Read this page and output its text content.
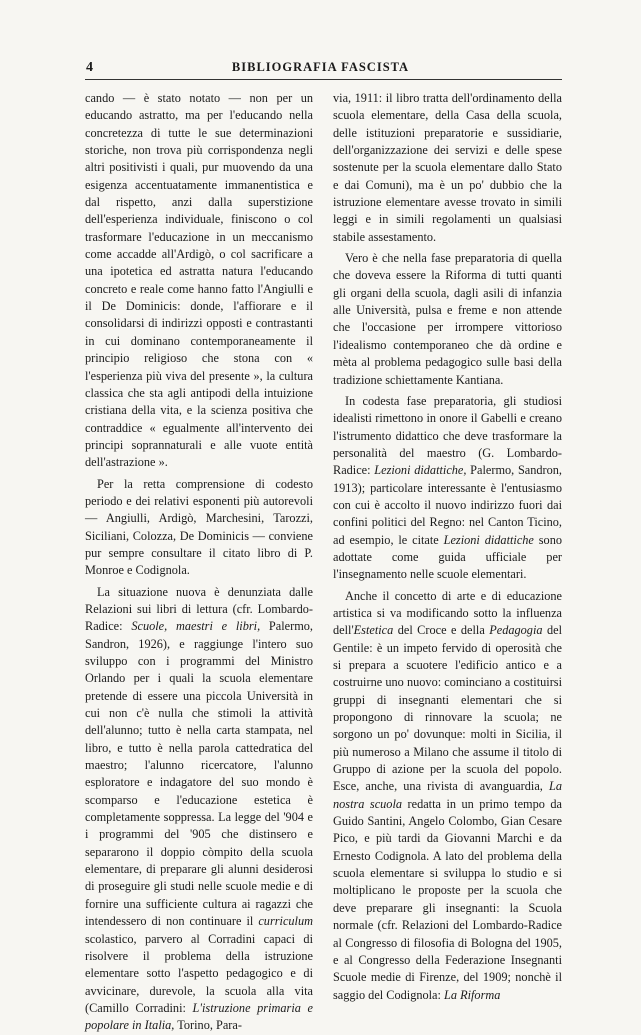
4	BIBLIOGRAFIA FASCISTA

cando — è stato notato — non per un educando astratto, ma per l'educando nella concretezza di tutte le sue determinazioni storiche, non trova più corrispondenza negli altri positivisti i quali, pur muovendo da una esigenza accentuatamente immanentistica e dal rispetto, anzi dalla superstizione dell'esperienza individuale, finiscono o col trasformare l'educazione in un meccanismo come accadde all'Ardigò, o col sacrificare a una ipotetica ed astratta natura l'educando concreto e reale come hanno fatto l'Angiulli e il De Dominicis: donde, l'affiorare e il consolidarsi di indirizzi opposti e contrastanti in cui dominano contemporaneamente il principio religioso che stona con « l'esperienza più viva del presente », la cultura classica che sta agli antipodi della intuizione cristiana della vita, e la scienza positiva che contraddice « egualmente all'intervento dei principi soprannaturali e alle vuote entità dell'astrazione ».

Per la retta comprensione di codesto periodo e dei relativi esponenti più autorevoli — Angiulli, Ardigò, Marchesini, Tarozzi, Siciliani, Colozza, De Dominicis — conviene pur sempre consultare il citato libro di P. Monroe e Codignola.

La situazione nuova è denunziata dalle Relazioni sui libri di lettura (cfr. Lombardo-Radice: Scuole, maestri e libri, Palermo, Sandron, 1926), e raggiunge l'intero suo sviluppo con i programmi del Ministro Orlando per i quali la scuola elementare pretende di essere una piccola Università in cui non c'è nulla che stimoli la attività dell'alunno; tutto è nella carta stampata, nel libro, e tutto è nella parola cattedratica del maestro; l'alunno ricercatore, l'alunno esploratore e indagatore del suo mondo è scomparso e l'educazione estetica è completamente soppressa. La legge del '904 e i programmi del '905 che distinsero e separarono il doppio còmpito della scuola elementare, di preparare gli alunni desiderosi di proseguire gli studi nelle scuole medie e di fornire una sufficiente cultura ai ragazzi che intendessero di non continuare il curriculum scolastico, parvero al Corradini capaci di risolvere il problema della istruzione elementare sotto l'aspetto pedagogico e di avvicinare, durevole, la scuola alla vita (Camillo Corradini: L'istruzione primaria e popolare in Italia, Torino, Para-

via, 1911: il libro tratta dell'ordinamento della scuola elementare, della Casa della scuola, delle istituzioni preparatorie e sussidiarie, dell'organizzazione dei servizi e delle spese sostenute per la scuola elementare dallo Stato e dai Comuni), ma è un po' dubbio che la istruzione elementare avesse trovato in simili leggi e in simili regolamenti un qualsiasi stabile assestamento.

Vero è che nella fase preparatoria di quella che doveva essere la Riforma di tutti quanti gli organi della scuola, dagli asili di infanzia alle Università, pulsa e freme e non attende che l'occasione per irrompere vittorioso l'idealismo contemporaneo che dà ordine e mèta al problema pedagogico sulle basi della tradizione schiettamente Kantiana.

In codesta fase preparatoria, gli studiosi idealisti rimettono in onore il Gabelli e creano l'istrumento didattico che deve trasformare la personalità del maestro (G. Lombardo-Radice: Lezioni didattiche, Palermo, Sandron, 1913); particolare interessante è l'entusiasmo con cui è accolto il nuovo indirizzo fuori dai confini politici del Regno: nel Canton Ticino, ad esempio, le citate Lezioni didattiche sono adottate come guida ufficiale per l'insegnamento nelle scuole elementari.

Anche il concetto di arte e di educazione artistica si va modificando sotto la influenza dell'Estetica del Croce e della Pedagogia del Gentile: è un impeto fervido di operosità che si prepara a scuotere l'edificio antico e a costruirne uno nuovo: cominciano a costituirsi gruppi di insegnanti elementari che si propongono di rinnovare la scuola; ne sorgono un po' dovunque: molti in Sicilia, il più numeroso a Milano che assume il titolo di Gruppo di azione per la scuola del popolo. Esce, anche, una rivista di avanguardia, La nostra scuola redatta in un primo tempo da Guido Santini, Angelo Colombo, Gian Cesare Pico, e più tardi da Giovanni Marchi e da Ernesto Codignola. A lato del problema della scuola elementare si sviluppa lo studio e si moltiplicano le proposte per la scuola che deve preparare gli insegnanti: la Scuola normale (cfr. Relazioni del Lombardo-Radice al Congresso di filosofia di Bologna del 1905, e al Congresso della Federazione Insegnanti Scuole medie di Firenze, del 1909; nonchè il saggio del Codignola: La Riforma
